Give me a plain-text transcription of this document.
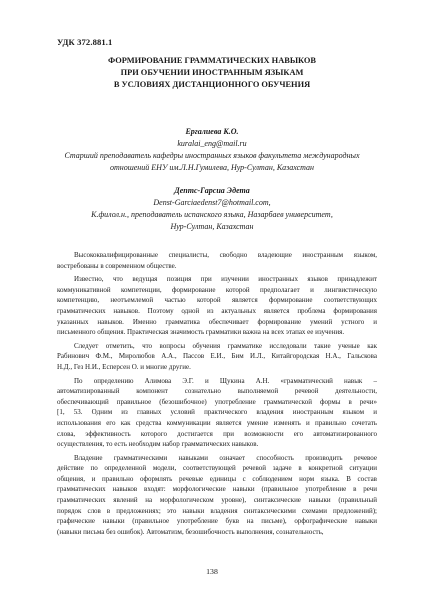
УДК 372.881.1
ФОРМИРОВАНИЕ ГРАММАТИЧЕСКИХ НАВЫКОВ
ПРИ ОБУЧЕНИИ ИНОСТРАННЫМ ЯЗЫКАМ
В УСЛОВИЯХ ДИСТАНЦИОННОГО ОБУЧЕНИЯ
Ергалиева К.О.
kuralai_eng@mail.ru
Старший преподаватель кафедры иностранных языков факультета международных
отношений ЕНУ им.Л.Н.Гумилева, Нур-Султан, Казахстан
Дептс-Гарсиа Эдета
Denst-Garciaedenst7@hotmail.com,
К.филол.н., преподаватель испанского языка, Назарбаев университет,
Нур-Султан, Казахстан

Высококвалифицированные специалисты, свободно владеющие иностранным языком,
востребованы в современном обществе.

Известно, что ведущая позиция при изучении иностранных языков принадлежит
коммуникативной компетенции, формирование которой предполагает и лингвистическую
компетенцию, неотъемлемой частью которой является формирование соответствующих
грамматических навыков. Поэтому одной из актуальных является проблема формирования
указанных навыков. Именно грамматика обеспечивает формирование умений устного и
письменного общения. Практическая значимость грамматики важна на всех этапах ее изучения.

Следует отметить, что вопросы обучения грамматике исследовали такие ученые как
Рабинович Ф.М., Миролюбов А.А., Пассов Е.И., Бим И.Л., Китайгородская Н.А., Гальскова
Н.Д., Гез Н.И., Есперсен О. и многие другие.

По определению Алимова Э.Г. и Щукина А.Н. «грамматический навык –
автоматизированный компонент сознательно выполняемой речевой деятельности,
обеспечивающий правильное (безошибочное) употребление грамматической формы в речи»
[1, 53. Одним из главных условий практического владения иностранным языком и
использования его как средства коммуникации является умение изменять и правильно сочетать
слова, эффективность которого достигается при возможности его автоматизированного
осуществления, то есть необходим набор грамматических навыков.

Владение грамматическими навыками означает способность производить речевое
действие по определенной модели, соответствующей речевой задаче в конкретной ситуации
общения, и правильно оформлять речевые единицы с соблюдением норм языка. В состав
грамматических навыков входят: морфологические навыки (правильное употребление в речи
грамматических явлений на морфологическом уровне), синтаксические навыки (правильный
порядок слов в предложениях; это навыки владения синтаксическими схемами предложений);
графические навыки (правильное употребление букв на письме), орфографические навыки
(навыки письма без ошибок). Автоматизм, безошибочность выполнения, сознательность,

138
